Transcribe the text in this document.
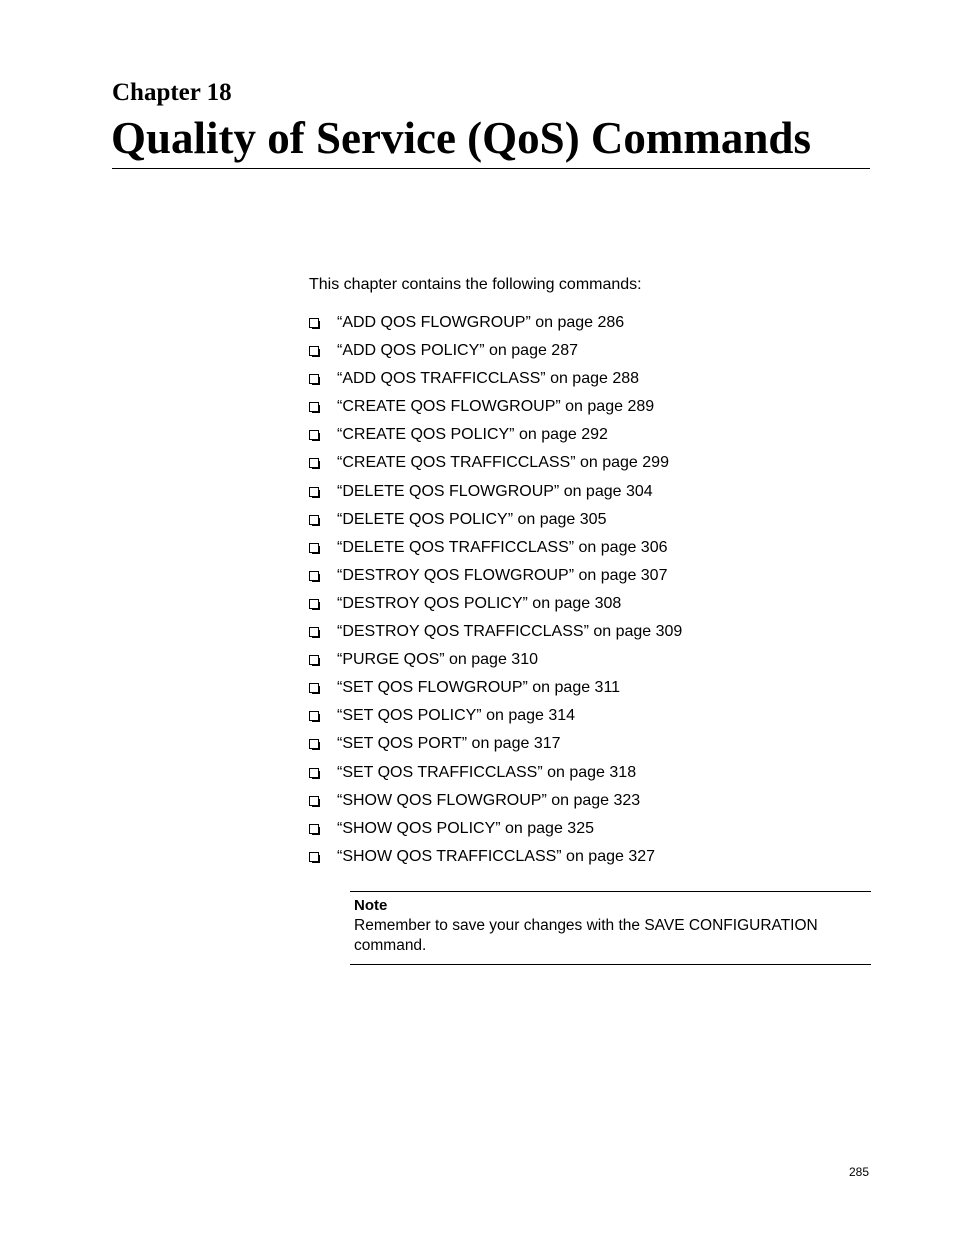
Chapter 18
Quality of Service (QoS) Commands
This chapter contains the following commands:
“ADD QOS FLOWGROUP” on page 286
“ADD QOS POLICY” on page 287
“ADD QOS TRAFFICCLASS” on page 288
“CREATE QOS FLOWGROUP” on page 289
“CREATE QOS POLICY” on page 292
“CREATE QOS TRAFFICCLASS” on page 299
“DELETE QOS FLOWGROUP” on page 304
“DELETE QOS POLICY” on page 305
“DELETE QOS TRAFFICCLASS” on page 306
“DESTROY QOS FLOWGROUP” on page 307
“DESTROY QOS POLICY” on page 308
“DESTROY QOS TRAFFICCLASS” on page 309
“PURGE QOS” on page 310
“SET QOS FLOWGROUP” on page 311
“SET QOS POLICY” on page 314
“SET QOS PORT” on page 317
“SET QOS TRAFFICCLASS” on page 318
“SHOW QOS FLOWGROUP” on page 323
“SHOW QOS POLICY” on page 325
“SHOW QOS TRAFFICCLASS” on page 327
Note
Remember to save your changes with the SAVE CONFIGURATION command.
285
